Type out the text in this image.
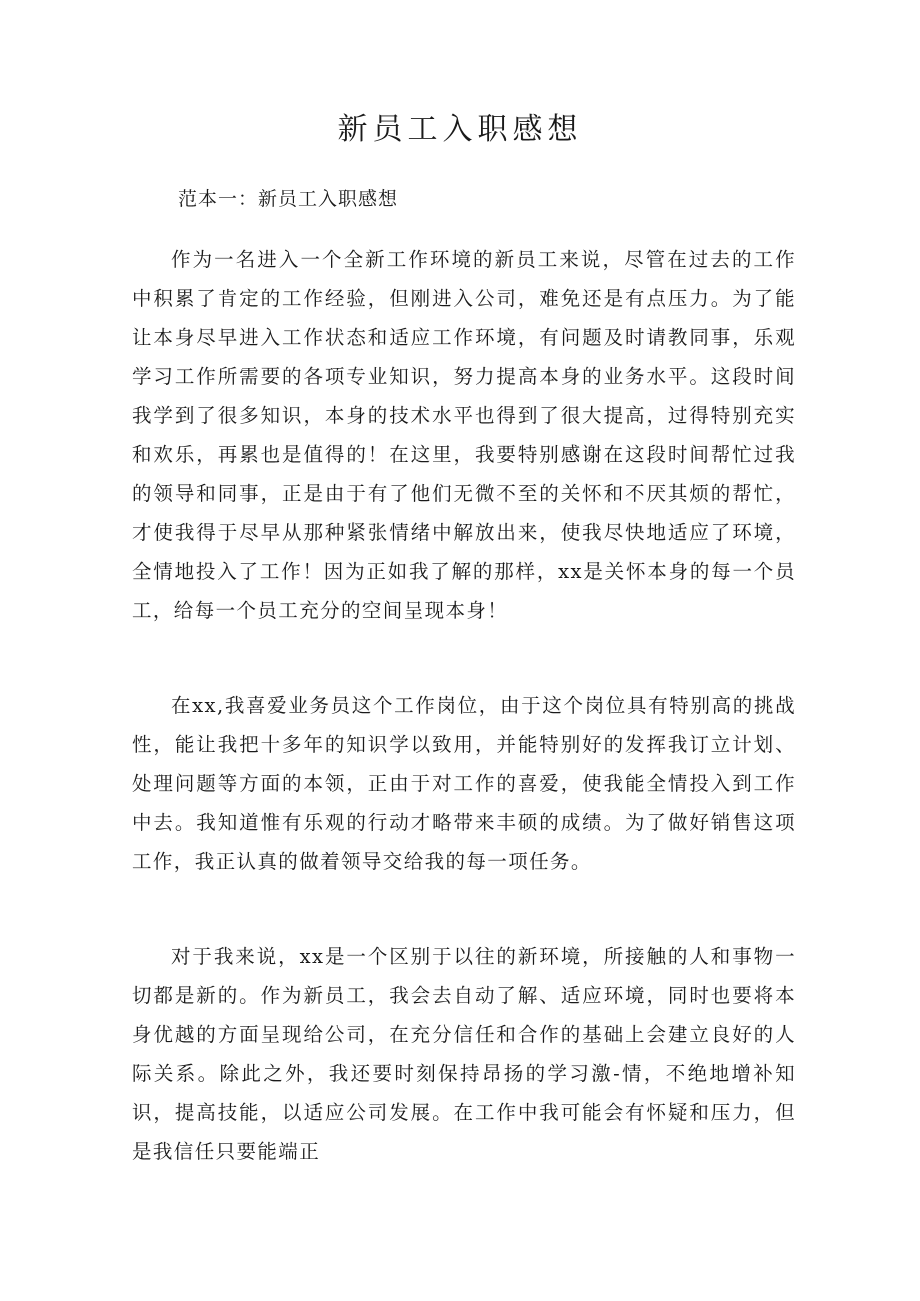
新员工入职感想

范本一：新员工入职感想

作为一名进入一个全新工作环境的新员工来说，尽管在过去的工作中积累了肯定的工作经验，但刚进入公司，难免还是有点压力。为了能让本身尽早进入工作状态和适应工作环境，有问题及时请教同事，乐观学习工作所需要的各项专业知识，努力提高本身的业务水平。这段时间我学到了很多知识，本身的技术水平也得到了很大提高，过得特别充实和欢乐，再累也是值得的！在这里，我要特别感谢在这段时间帮忙过我的领导和同事，正是由于有了他们无微不至的关怀和不厌其烦的帮忙，才使我得于尽早从那种紧张情绪中解放出来，使我尽快地适应了环境，全情地投入了工作！因为正如我了解的那样，xx是关怀本身的每一个员工，给每一个员工充分的空间呈现本身！

在xx,我喜爱业务员这个工作岗位，由于这个岗位具有特别高的挑战性，能让我把十多年的知识学以致用，并能特别好的发挥我订立计划、处理问题等方面的本领，正由于对工作的喜爱，使我能全情投入到工作中去。我知道惟有乐观的行动才略带来丰硕的成绩。为了做好销售这项工作，我正认真的做着领导交给我的每一项任务。

对于我来说，xx是一个区别于以往的新环境，所接触的人和事物一切都是新的。作为新员工，我会去自动了解、适应环境，同时也要将本身优越的方面呈现给公司，在充分信任和合作的基础上会建立良好的人际关系。除此之外，我还要时刻保持昂扬的学习激-情，不绝地增补知识，提高技能，以适应公司发展。在工作中我可能会有怀疑和压力，但是我信任只要能端正
